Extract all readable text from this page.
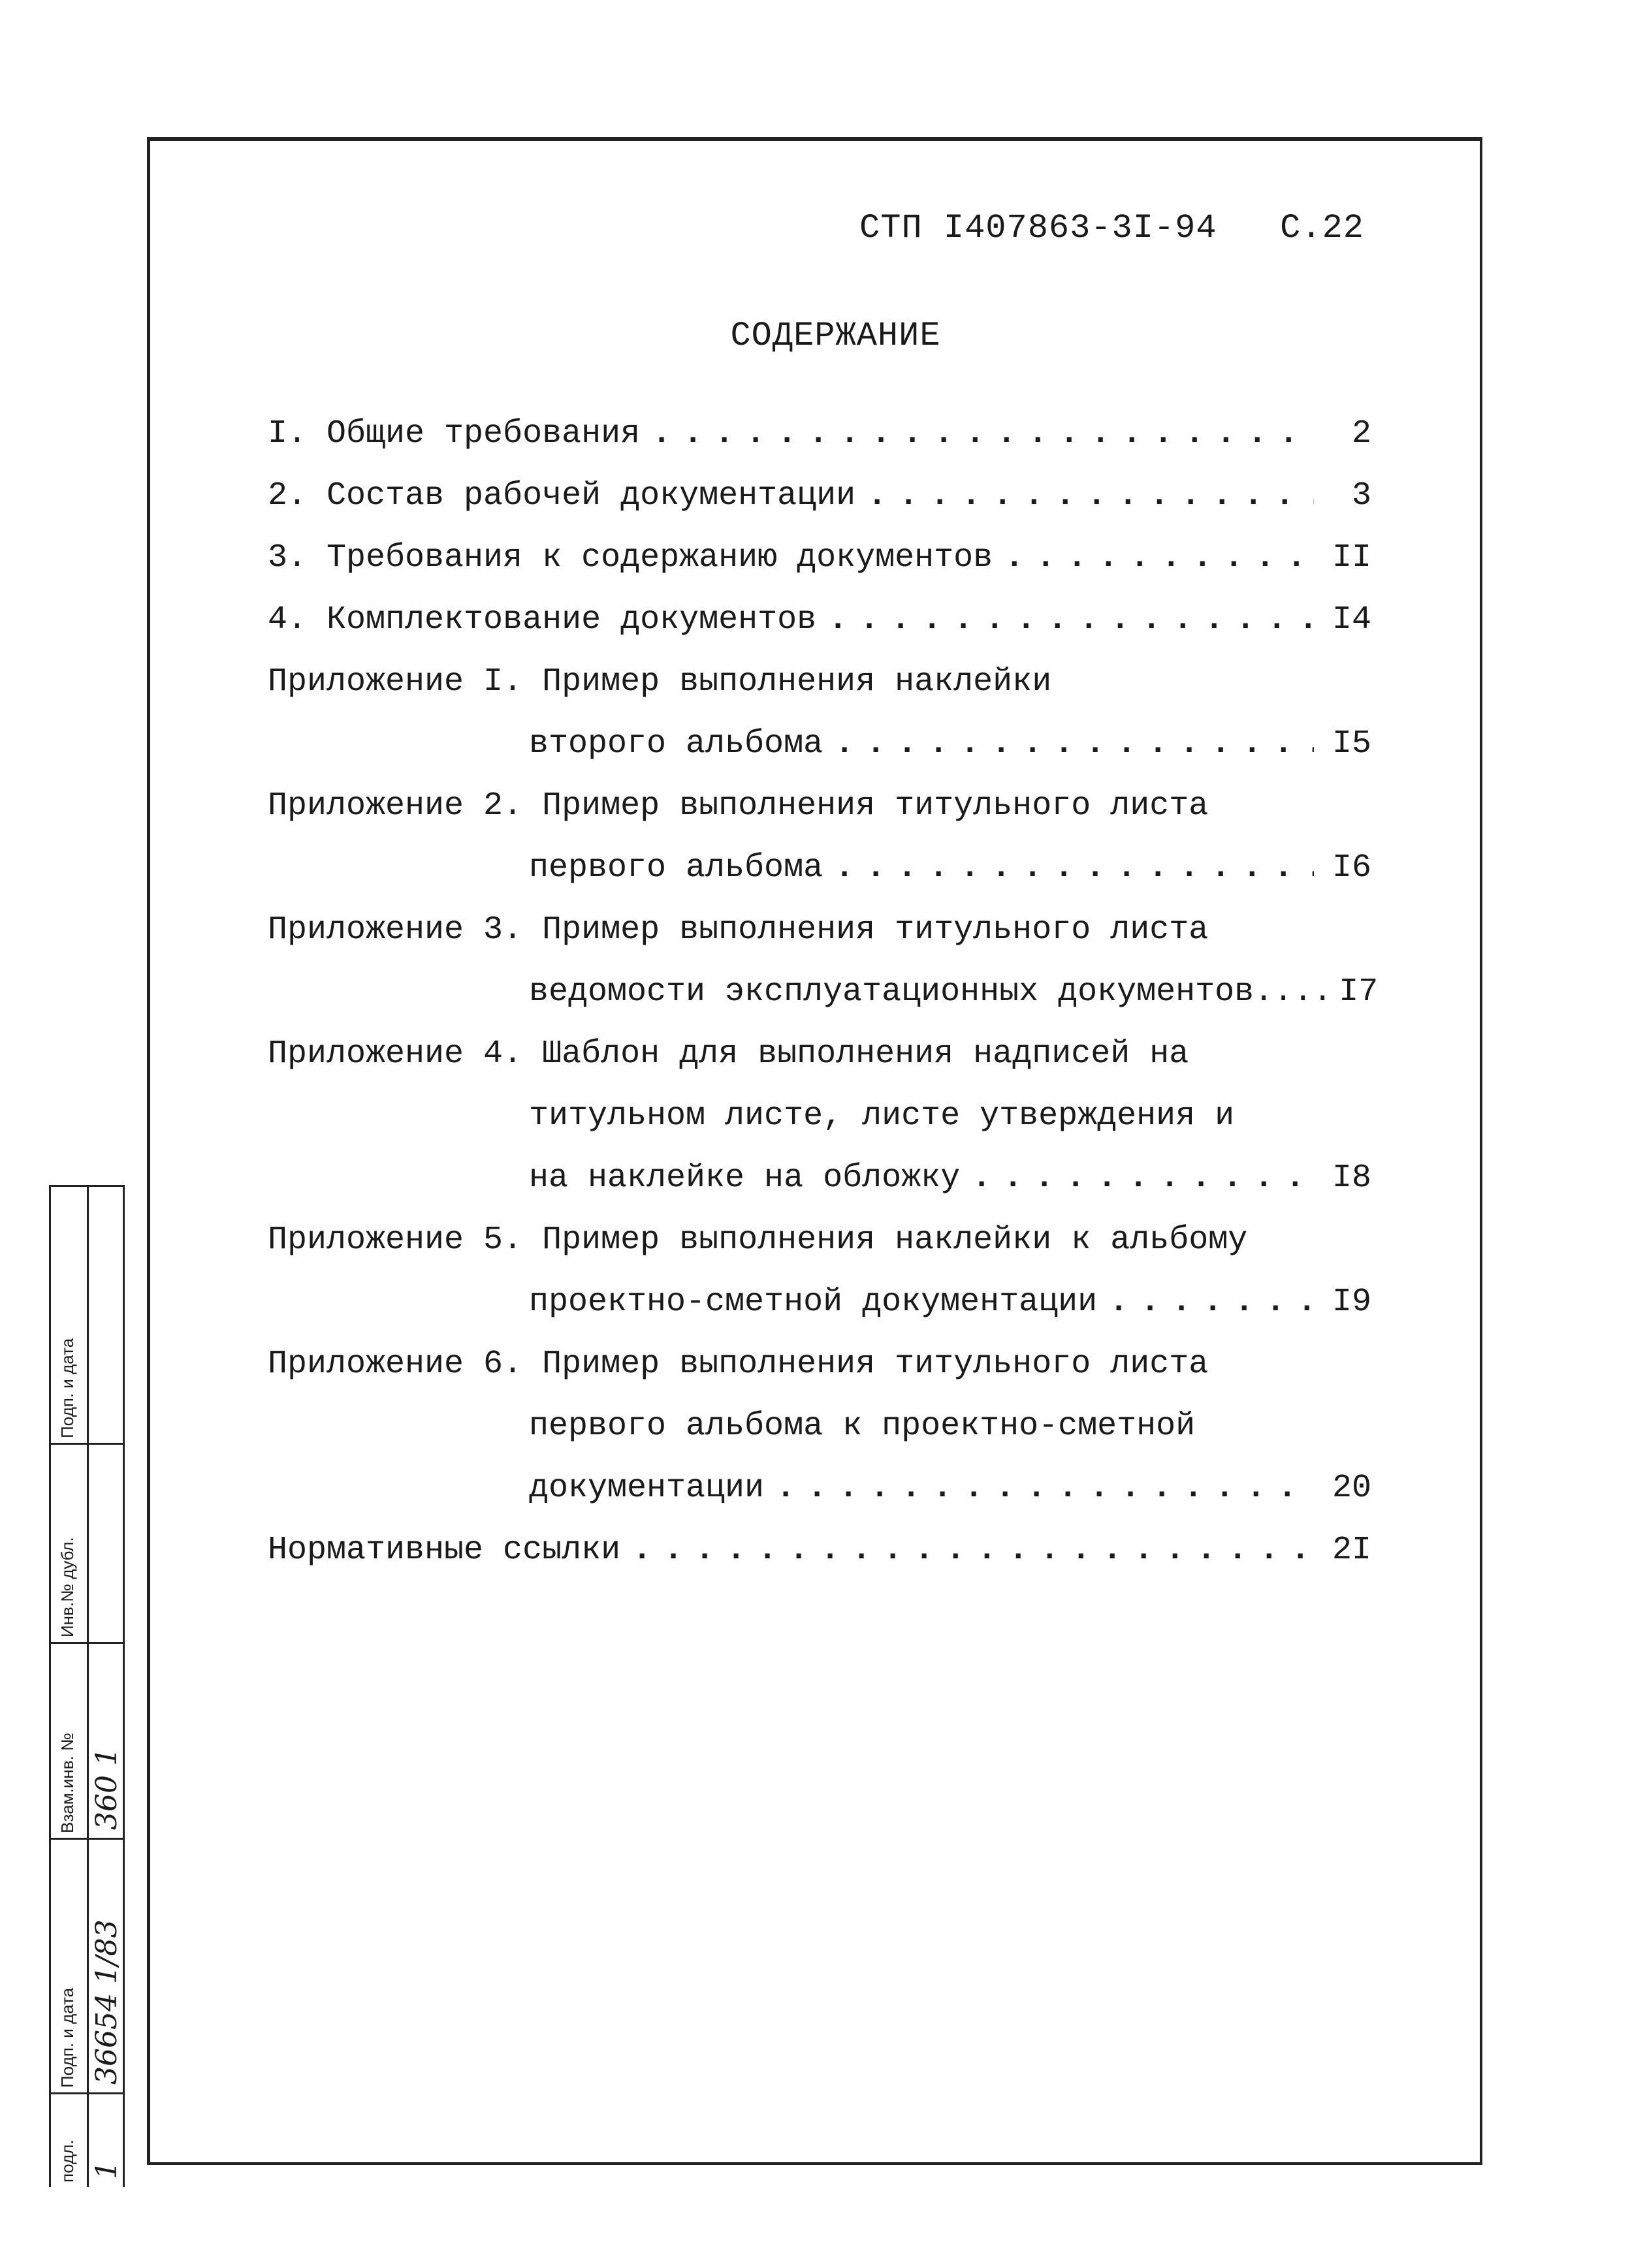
СТП I407863-3I-94 С.22
СОДЕРЖАНИЕ
I. Общие требования . . .	2
2. Состав рабочей документации . . .	3
3. Требования к содержанию документов . . .	II
4. Комплектование документов . . .	I4
Приложение I. Пример выполнения наклейки
второго альбома . . .	I5
Приложение 2. Пример выполнения титульного листа
первого альбома . . .	I6
Приложение 3. Пример выполнения титульного листа
ведомости эксплуатационных документов.... I7
Приложение 4. Шаблон для выполнения надписей на
титульном листе, листе утверждения и
на наклейке на обложку . . .	I8
Приложение 5. Пример выполнения наклейки к альбому
проектно-сметной документации . . .	I9
Приложение 6. Пример выполнения титульного листа
первого альбома к проектно-сметной
документации . . .	20
Нормативные ссылки . . .	2I
Подп. и дата
Инв.№ дубл.
Взам.инв. № 360 1
Подп. и дата 36654 1/83
подл. 1
